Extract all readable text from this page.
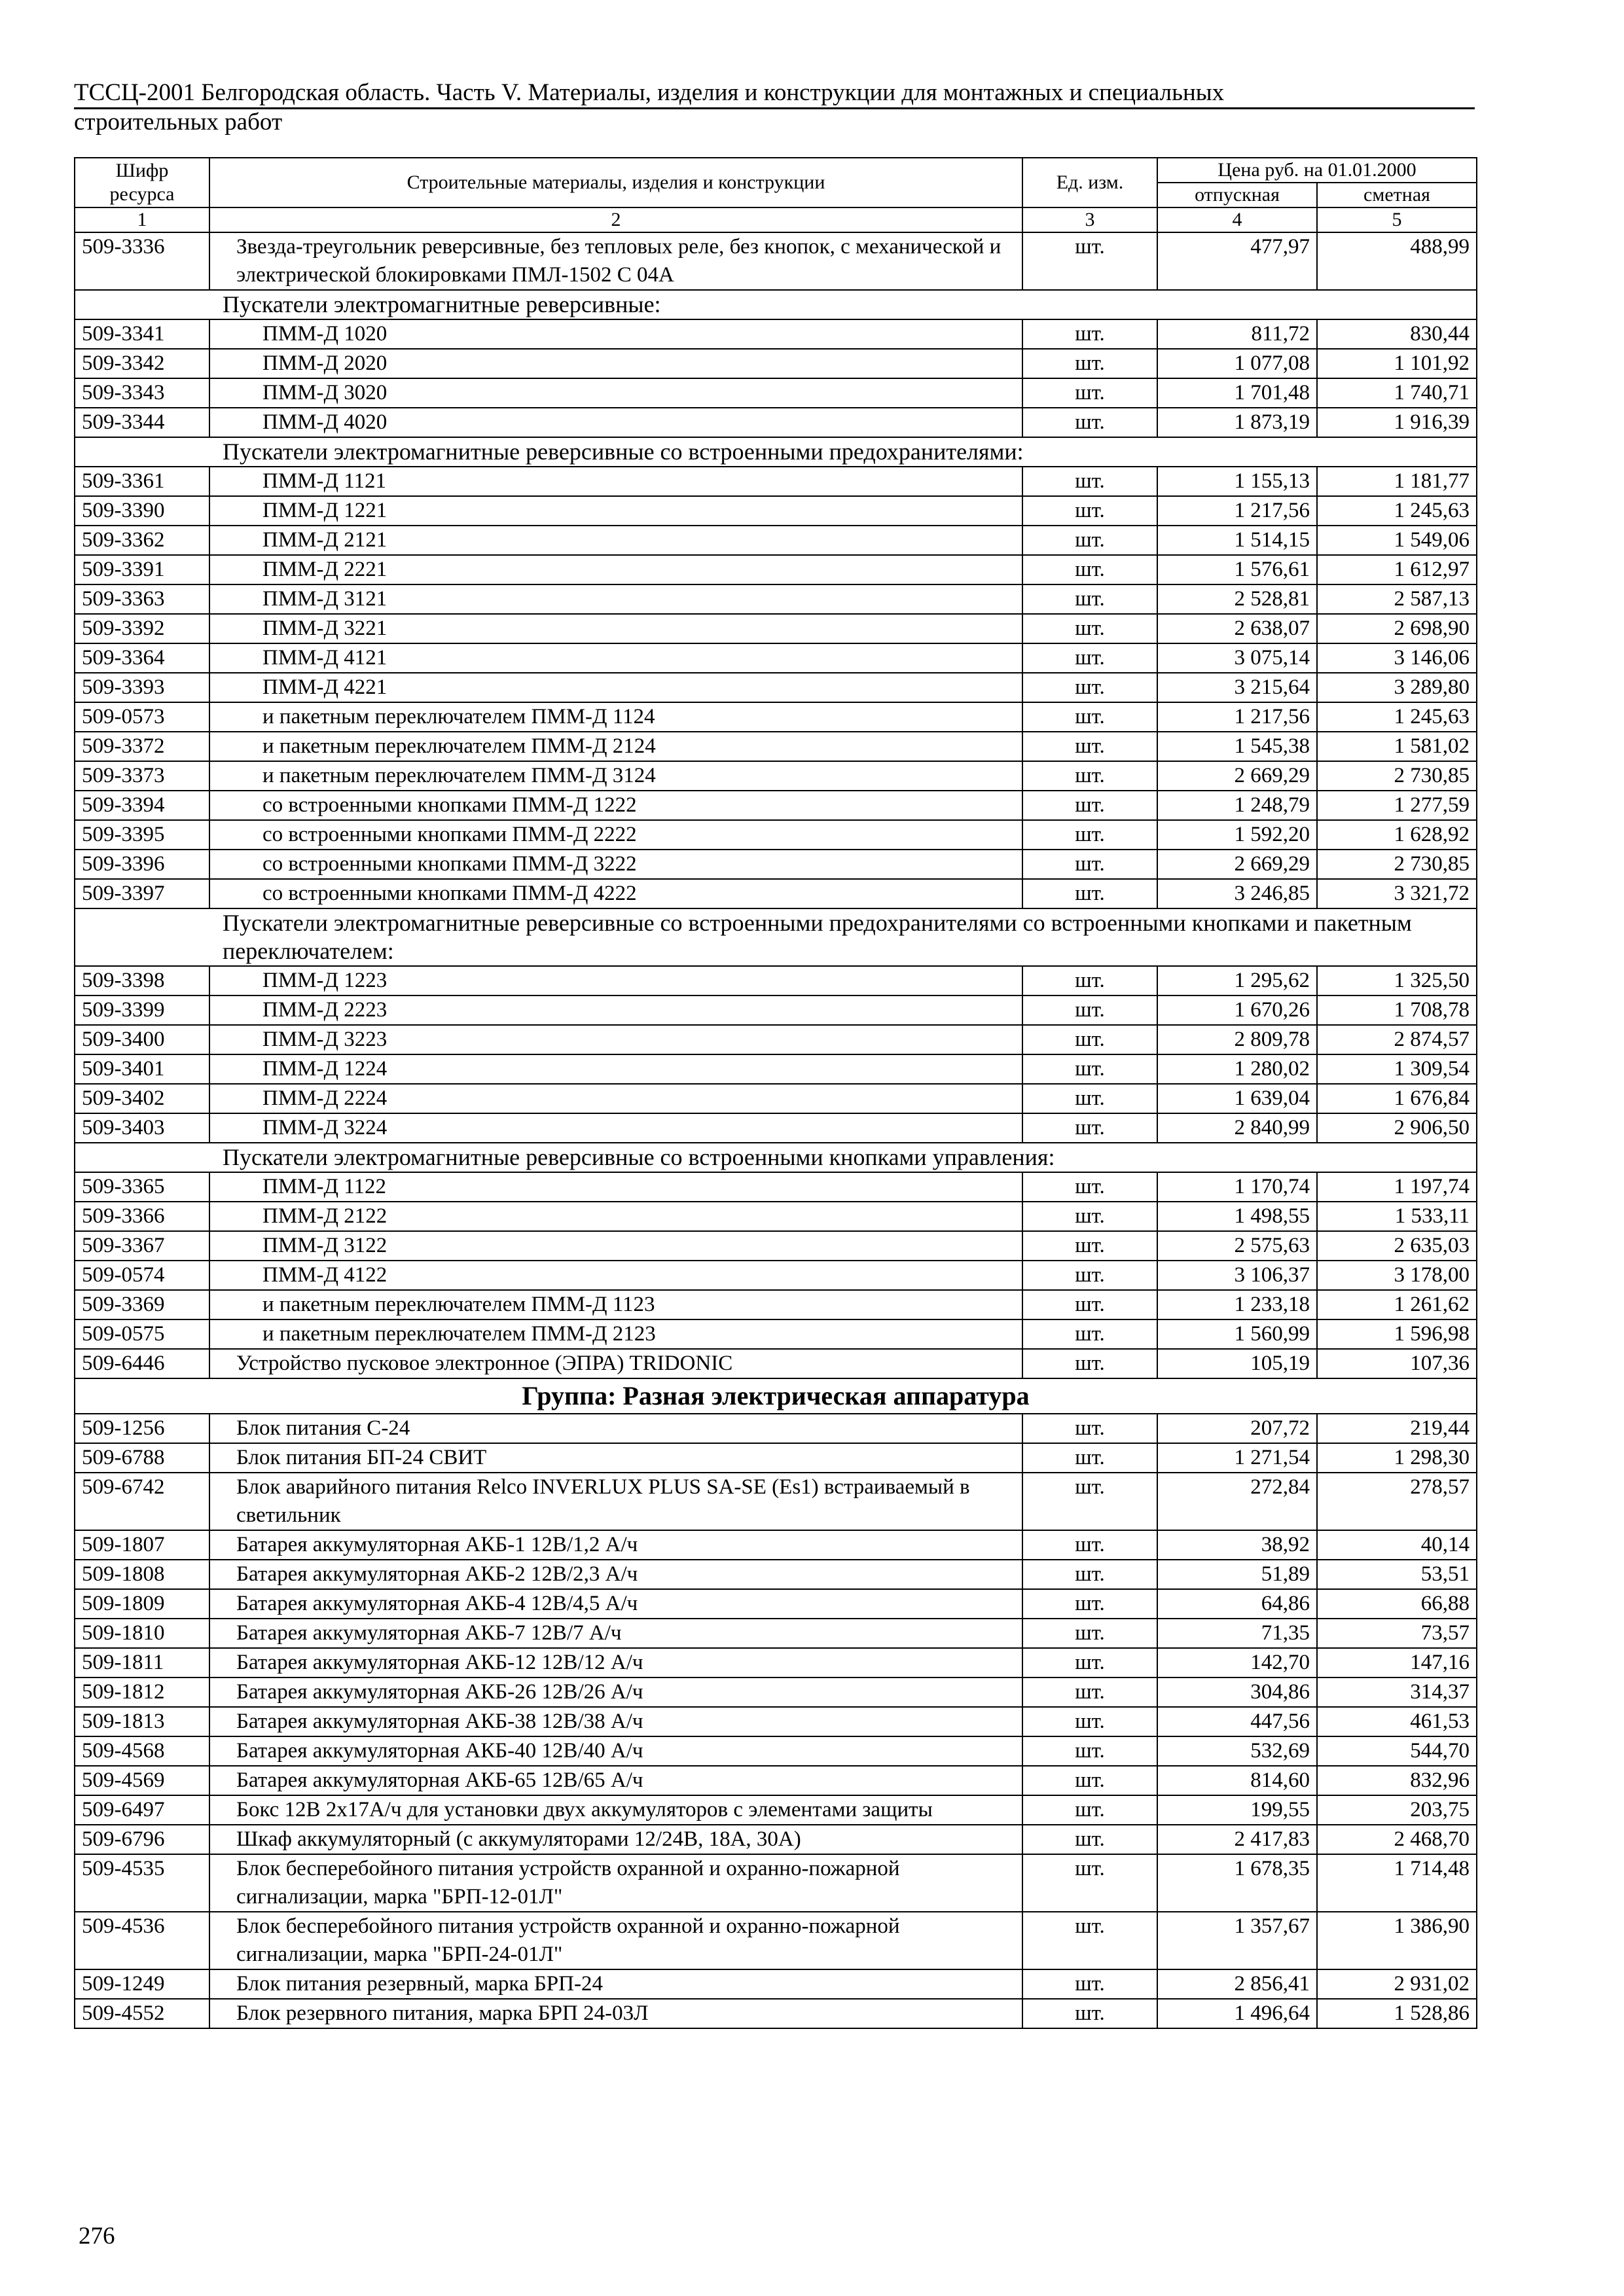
ТССЦ-2001 Белгородская область. Часть V. Материалы, изделия и конструкции для монтажных и специальных
строительных работ
Шифр ресурса	Строительные материалы, изделия и конструкции	Ед. изм.	Цена руб. на 01.01.2000	
			отпускная	сметная
1	2	3	4	5
509-3336	Звезда-треугольник реверсивные, без тепловых реле, без кнопок, с механической и электрической блокировками ПМЛ-1502 С 04А	шт.	477,97	488,99
Пускатели электромагнитные реверсивные:				
509-3341	ПММ-Д 1020	шт.	811,72	830,44
509-3342	ПММ-Д 2020	шт.	1 077,08	1 101,92
509-3343	ПММ-Д 3020	шт.	1 701,48	1 740,71
509-3344	ПММ-Д 4020	шт.	1 873,19	1 916,39
Пускатели электромагнитные реверсивные со встроенными предохранителями:				
509-3361	ПММ-Д 1121	шт.	1 155,13	1 181,77
509-3390	ПММ-Д 1221	шт.	1 217,56	1 245,63
509-3362	ПММ-Д 2121	шт.	1 514,15	1 549,06
509-3391	ПММ-Д 2221	шт.	1 576,61	1 612,97
509-3363	ПММ-Д 3121	шт.	2 528,81	2 587,13
509-3392	ПММ-Д 3221	шт.	2 638,07	2 698,90
509-3364	ПММ-Д 4121	шт.	3 075,14	3 146,06
509-3393	ПММ-Д 4221	шт.	3 215,64	3 289,80
509-0573	и пакетным переключателем ПММ-Д 1124	шт.	1 217,56	1 245,63
509-3372	и пакетным переключателем ПММ-Д 2124	шт.	1 545,38	1 581,02
509-3373	и пакетным переключателем ПММ-Д 3124	шт.	2 669,29	2 730,85
509-3394	со встроенными кнопками ПММ-Д 1222	шт.	1 248,79	1 277,59
509-3395	со встроенными кнопками ПММ-Д 2222	шт.	1 592,20	1 628,92
509-3396	со встроенными кнопками ПММ-Д 3222	шт.	2 669,29	2 730,85
509-3397	со встроенными кнопками ПММ-Д 4222	шт.	3 246,85	3 321,72
Пускатели электромагнитные реверсивные со встроенными предохранителями со встроенными кнопками и пакетным переключателем:				
509-3398	ПММ-Д 1223	шт.	1 295,62	1 325,50
509-3399	ПММ-Д 2223	шт.	1 670,26	1 708,78
509-3400	ПММ-Д 3223	шт.	2 809,78	2 874,57
509-3401	ПММ-Д 1224	шт.	1 280,02	1 309,54
509-3402	ПММ-Д 2224	шт.	1 639,04	1 676,84
509-3403	ПММ-Д 3224	шт.	2 840,99	2 906,50
Пускатели электромагнитные реверсивные со встроенными кнопками управления:				
509-3365	ПММ-Д 1122	шт.	1 170,74	1 197,74
509-3366	ПММ-Д 2122	шт.	1 498,55	1 533,11
509-3367	ПММ-Д 3122	шт.	2 575,63	2 635,03
509-0574	ПММ-Д 4122	шт.	3 106,37	3 178,00
509-3369	и пакетным переключателем ПММ-Д 1123	шт.	1 233,18	1 261,62
509-0575	и пакетным переключателем ПММ-Д 2123	шт.	1 560,99	1 596,98
509-6446	Устройство пусковое электронное (ЭПРА) TRIDONIC	шт.	105,19	107,36
Группа: Разная электрическая аппаратура				
509-1256	Блок питания С-24	шт.	207,72	219,44
509-6788	Блок питания БП-24 СВИТ	шт.	1 271,54	1 298,30
509-6742	Блок аварийного питания Relco INVERLUX PLUS SA-SE (Es1) встраиваемый в светильник	шт.	272,84	278,57
509-1807	Батарея аккумуляторная АКБ-1 12В/1,2 А/ч	шт.	38,92	40,14
509-1808	Батарея аккумуляторная АКБ-2 12В/2,3 А/ч	шт.	51,89	53,51
509-1809	Батарея аккумуляторная АКБ-4 12В/4,5 А/ч	шт.	64,86	66,88
509-1810	Батарея аккумуляторная АКБ-7 12В/7 А/ч	шт.	71,35	73,57
509-1811	Батарея аккумуляторная АКБ-12 12В/12 А/ч	шт.	142,70	147,16
509-1812	Батарея аккумуляторная АКБ-26 12В/26 А/ч	шт.	304,86	314,37
509-1813	Батарея аккумуляторная АКБ-38 12В/38 А/ч	шт.	447,56	461,53
509-4568	Батарея аккумуляторная АКБ-40 12В/40 А/ч	шт.	532,69	544,70
509-4569	Батарея аккумуляторная АКБ-65 12В/65 А/ч	шт.	814,60	832,96
509-6497	Бокс 12В 2х17А/ч для установки двух аккумуляторов с элементами защиты	шт.	199,55	203,75
509-6796	Шкаф аккумуляторный (с аккумуляторами 12/24В, 18А, 30А)	шт.	2 417,83	2 468,70
509-4535	Блок бесперебойного питания устройств охранной и охранно-пожарной сигнализации, марка "БРП-12-01Л"	шт.	1 678,35	1 714,48
509-4536	Блок бесперебойного питания устройств охранной и охранно-пожарной сигнализации, марка "БРП-24-01Л"	шт.	1 357,67	1 386,90
509-1249	Блок питания резервный, марка БРП-24	шт.	2 856,41	2 931,02
509-4552	Блок резервного питания, марка БРП 24-03Л	шт.	1 496,64	1 528,86
276
